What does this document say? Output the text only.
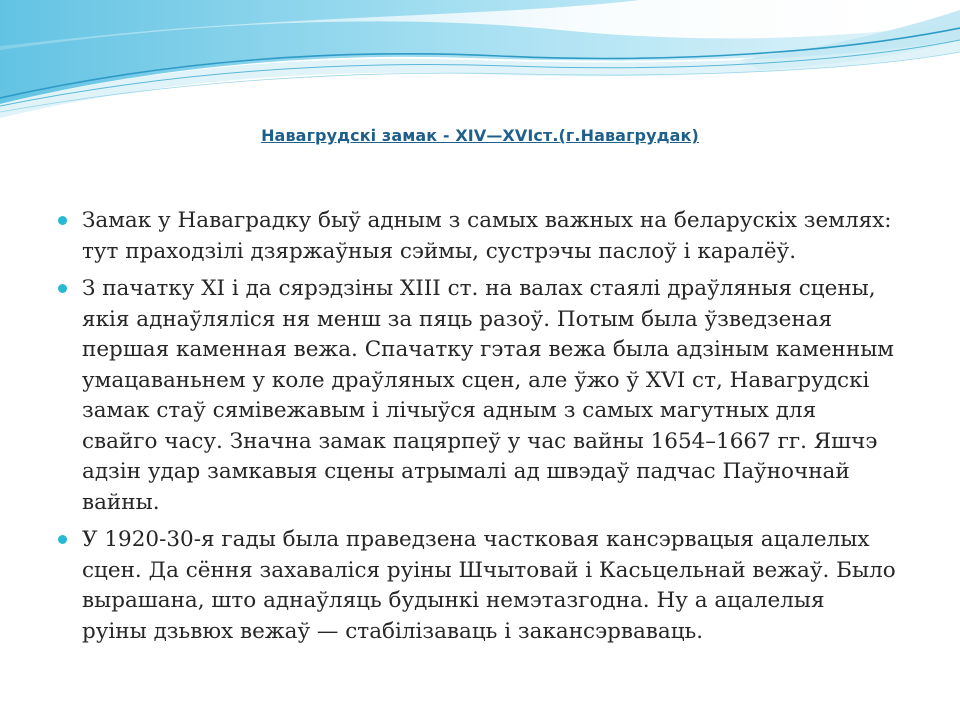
Навагрудскі замак - XIV—XVIст.(г.Навагрудак)
Замак у Наваградку быў адным з самых важных на беларускіх землях: тут праходзілі дзяржаўныя сэймы, сустрэчы паслоў і каралёў.
З пачатку XI і да сярэдзіны XIII ст. на валах стаялі драўляныя сцены, якія аднаўляліся ня менш за пяць разоў. Потым была ўзведзеная першая каменная вежа. Спачатку гэтая вежа была адзіным каменным умацаваньнем у коле драўляных сцен, але ўжо ў XVI ст, Навагрудскі замак стаў сямівежавым і лічыўся адным з самых магутных для свайго часу. Значна замак пацярпеў у час вайны 1654–1667 гг. Яшчэ адзін удар замкавыя сцены атрымалі ад швэдаў падчас Паўночнай вайны.
У 1920-30-я гады была праведзена частковая кансэрвацыя ацалелых сцен. Да сёння захаваліся руіны Шчытовай і Касьцельнай вежаў. Было вырашана, што аднаўляць будынкі немэтазгодна. Ну а ацалелыя руіны дзьвюх вежаў — стабілізаваць і закансэрваваць.
